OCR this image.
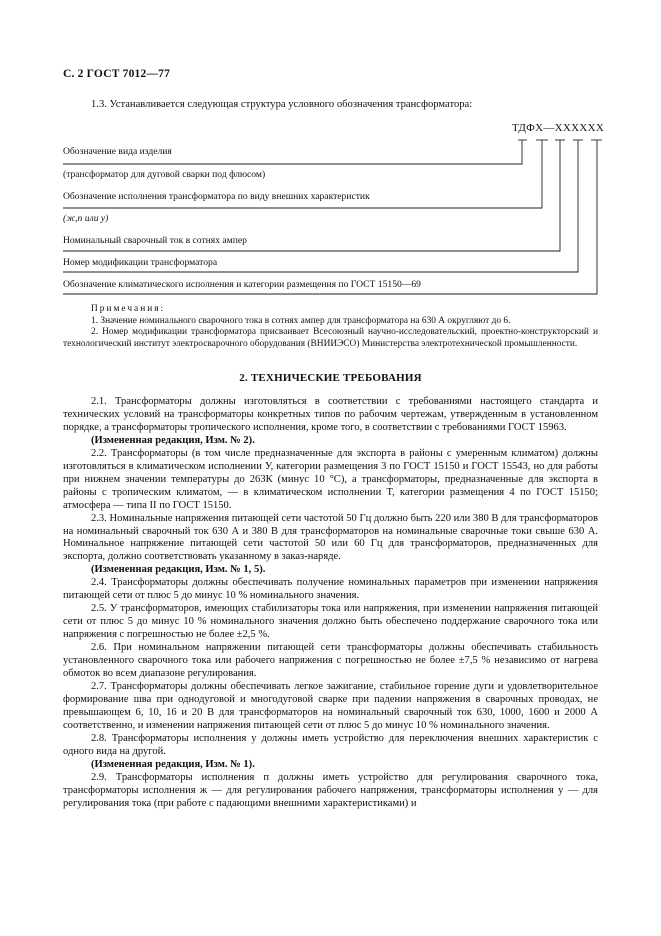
С. 2 ГОСТ 7012—77
1.3. Устанавливается следующая структура условного обозначения трансформатора:
ТДФХ—XXXXXX
Обозначение вида изделия
(трансформатор для дуговой сварки под флюсом)
Обозначение исполнения трансформатора по виду внешних характеристик
(ж,п или у)
Номинальный сварочный ток в сотнях ампер
Номер модификации трансформатора
Обозначение климатического исполнения и категории размещения по ГОСТ 15150—69
Примечания:
1. Значение номинального сварочного тока в сотнях ампер для трансформатора на 630 А округляют до 6.
2. Номер модификации трансформатора присваивает Всесоюзный научно-исследовательский, проектно-конструкторский и технологический институт электросварочного оборудования (ВНИИЭСО) Министерства электротехнической промышленности.
2. ТЕХНИЧЕСКИЕ ТРЕБОВАНИЯ

2.1. Трансформаторы должны изготовляться в соответствии с требованиями настоящего стандарта и технических условий на трансформаторы конкретных типов по рабочим чертежам, утвержденным в установленном порядке, а трансформаторы тропического исполнения, кроме того, в соответствии с требованиями ГОСТ 15963.

(Измененная редакция, Изм. № 2).

2.2. Трансформаторы (в том числе предназначенные для экспорта в районы с умеренным климатом) должны изготовляться в климатическом исполнении У, категории размещения 3 по ГОСТ 15150 и ГОСТ 15543, но для работы при нижнем значении температуры до 263К (минус 10 °С), а трансформаторы, предназначенные для экспорта в районы с тропическим климатом, — в климатическом исполнении Т, категории размещения 4 по ГОСТ 15150; атмосфера — типа II по ГОСТ 15150.

2.3. Номинальные напряжения питающей сети частотой 50 Гц должно быть 220 или 380 В для трансформаторов на номинальный сварочный ток 630 А и 380 В для трансформаторов на номинальные сварочные токи свыше 630 А. Номинальное напряжение питающей сети частотой 50 или 60 Гц для трансформаторов, предназначенных для экспорта, должно соответствовать указанному в заказ-наряде.

(Измененная редакция, Изм. № 1, 5).

2.4. Трансформаторы должны обеспечивать получение номинальных параметров при изменении напряжения питающей сети от плюс 5 до минус 10 % номинального значения.

2.5. У трансформаторов, имеющих стабилизаторы тока или напряжения, при изменении напряжения питающей сети от плюс 5 до минус 10 % номинального значения должно быть обеспечено поддержание сварочного тока или напряжения с погрешностью не более ±2,5 %.

2.6. При номинальном напряжении питающей сети трансформаторы должны обеспечивать стабильность установленного сварочного тока или рабочего напряжения с погрешностью не более ±7,5 % независимо от нагрева обмоток во всем диапазоне регулирования.

2.7. Трансформаторы должны обеспечивать легкое зажигание, стабильное горение дуги и удовлетворительное формирование шва при однодуговой и многодуговой сварке при падении напряжения в сварочных проводах, не превышающем 6, 10, 16 и 20 В для трансформаторов на номинальный сварочный ток 630, 1000, 1600 и 2000 А соответственно, и изменении напряжения питающей сети от плюс 5 до минус 10 % номинального значения.

2.8. Трансформаторы исполнения у должны иметь устройство для переключения внешних характеристик с одного вида на другой.

(Измененная редакция, Изм. № 1).

2.9. Трансформаторы исполнения п должны иметь устройство для регулирования сварочного тока, трансформаторы исполнения ж — для регулирования рабочего напряжения, трансформаторы исполнения у — для регулирования тока (при работе с падающими внешними характеристиками) и
